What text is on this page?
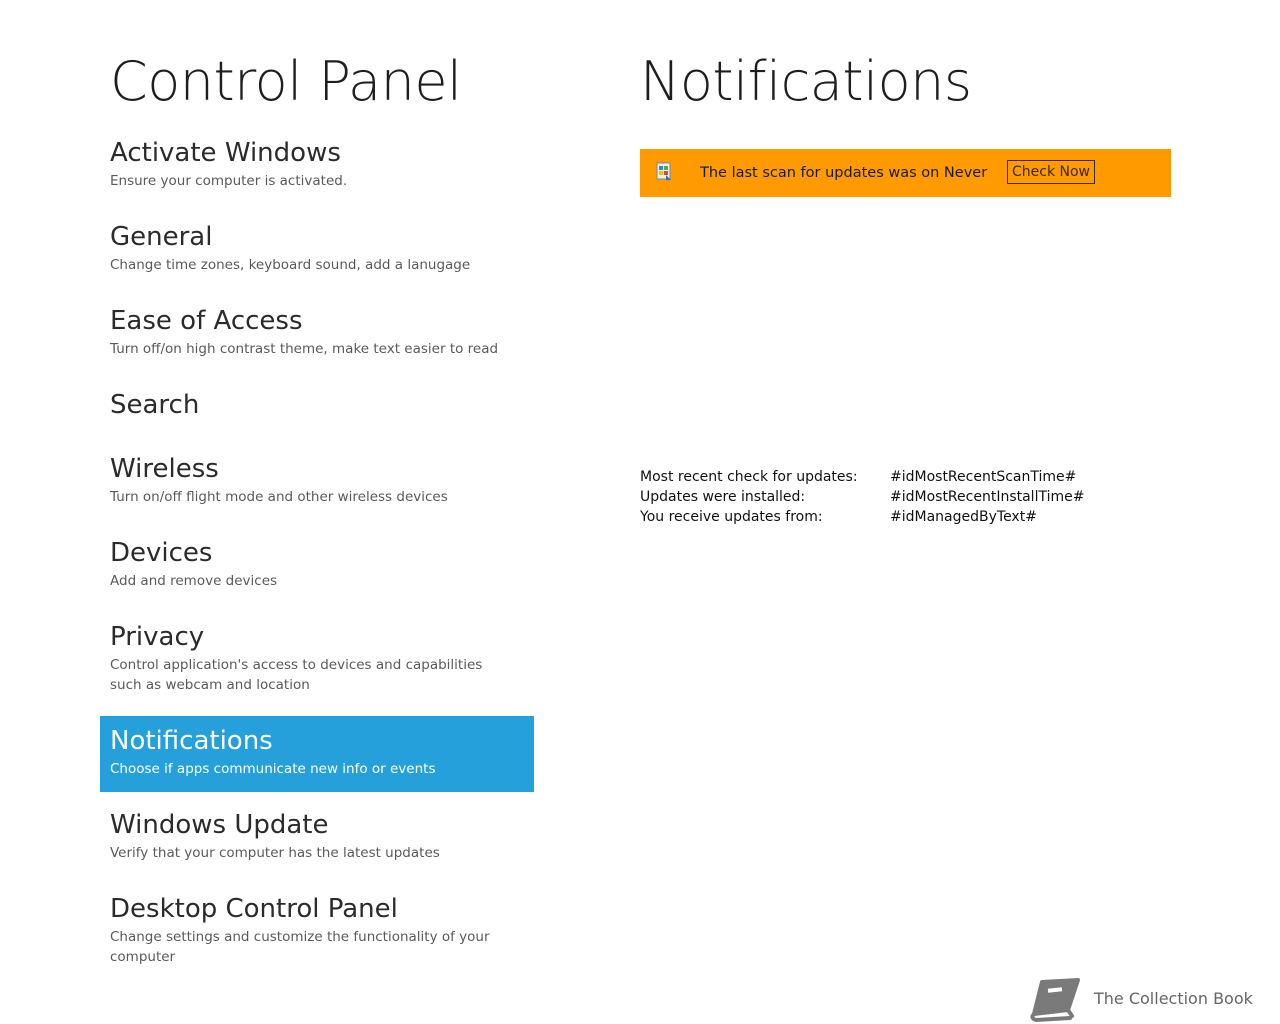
Control Panel
Activate Windows
Ensure your computer is activated.
General
Change time zones, keyboard sound, add a lanugage
Ease of Access
Turn off/on high contrast theme, make text easier to read
Search
Wireless
Turn on/off flight mode and other wireless devices
Devices
Add and remove devices
Privacy
Control application's access to devices and capabilities such as webcam and location
Notifications
Choose if apps communicate new info or events
Windows Update
Verify that your computer has the latest updates
Desktop Control Panel
Change settings and customize the functionality of your computer
Notifications
The last scan for updates was on Never	Check Now
Most recent check for updates: #idMostRecentScanTime#
Updates were installed:	#idMostRecentInstallTime#
You receive updates from:	#idManagedByText#
The Collection Book
